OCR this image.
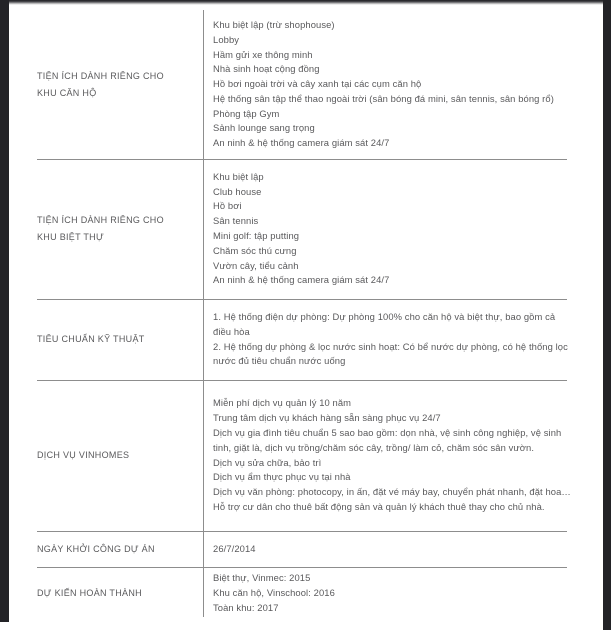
TIỆN ÍCH DÀNH RIÊNG CHO KHU CĂN HỘ
Khu biệt lập (trừ shophouse)
Lobby
Hầm gửi xe thông minh
Nhà sinh hoạt cộng đồng
Hồ bơi ngoài trời và cây xanh tại các cụm căn hộ
Hệ thống sân tập thể thao ngoài trời (sân bóng đá mini, sân tennis, sân bóng rổ)
Phòng tập Gym
Sảnh lounge sang trọng
An ninh & hệ thống camera giám sát 24/7
TIỆN ÍCH DÀNH RIÊNG CHO KHU BIỆT THỰ
Khu biệt lập
Club house
Hồ bơi
Sân tennis
Mini golf: tập putting
Chăm sóc thú cưng
Vườn cây, tiểu cảnh
An ninh & hệ thống camera giám sát 24/7
TIÊU CHUẨN KỸ THUẬT
1. Hệ thống điện dự phòng: Dự phòng 100% cho căn hộ và biệt thự, bao gồm cả điều hòa
2. Hệ thống dự phòng & lọc nước sinh hoạt: Có bể nước dự phòng, có hệ thống lọc nước đủ tiêu chuẩn nước uống
DỊCH VỤ VINHOMES
Miễn phí dịch vụ quản lý 10 năm
Trung tâm dịch vụ khách hàng sẵn sàng phục vụ 24/7
Dịch vụ gia đình tiêu chuẩn 5 sao bao gồm: dọn nhà, vệ sinh công nghiệp, vệ sinh tinh, giặt là, dịch vụ trồng/chăm sóc cây, trồng/ làm cỏ, chăm sóc sân vườn.
Dịch vụ sửa chữa, bảo trì
Dịch vụ ẩm thực phục vụ tại nhà
Dịch vụ văn phòng: photocopy, in ấn, đặt vé máy bay, chuyển phát nhanh, đặt hoa…
Hỗ trợ cư dân cho thuê bất động sản và quản lý khách thuê thay cho chủ nhà.
NGÀY KHỞI CÔNG DỰ ÁN	26/7/2014
DỰ KIẾN HOÀN THÀNH
Biệt thự, Vinmec: 2015
Khu căn hộ, Vinschool: 2016
Toàn khu: 2017
